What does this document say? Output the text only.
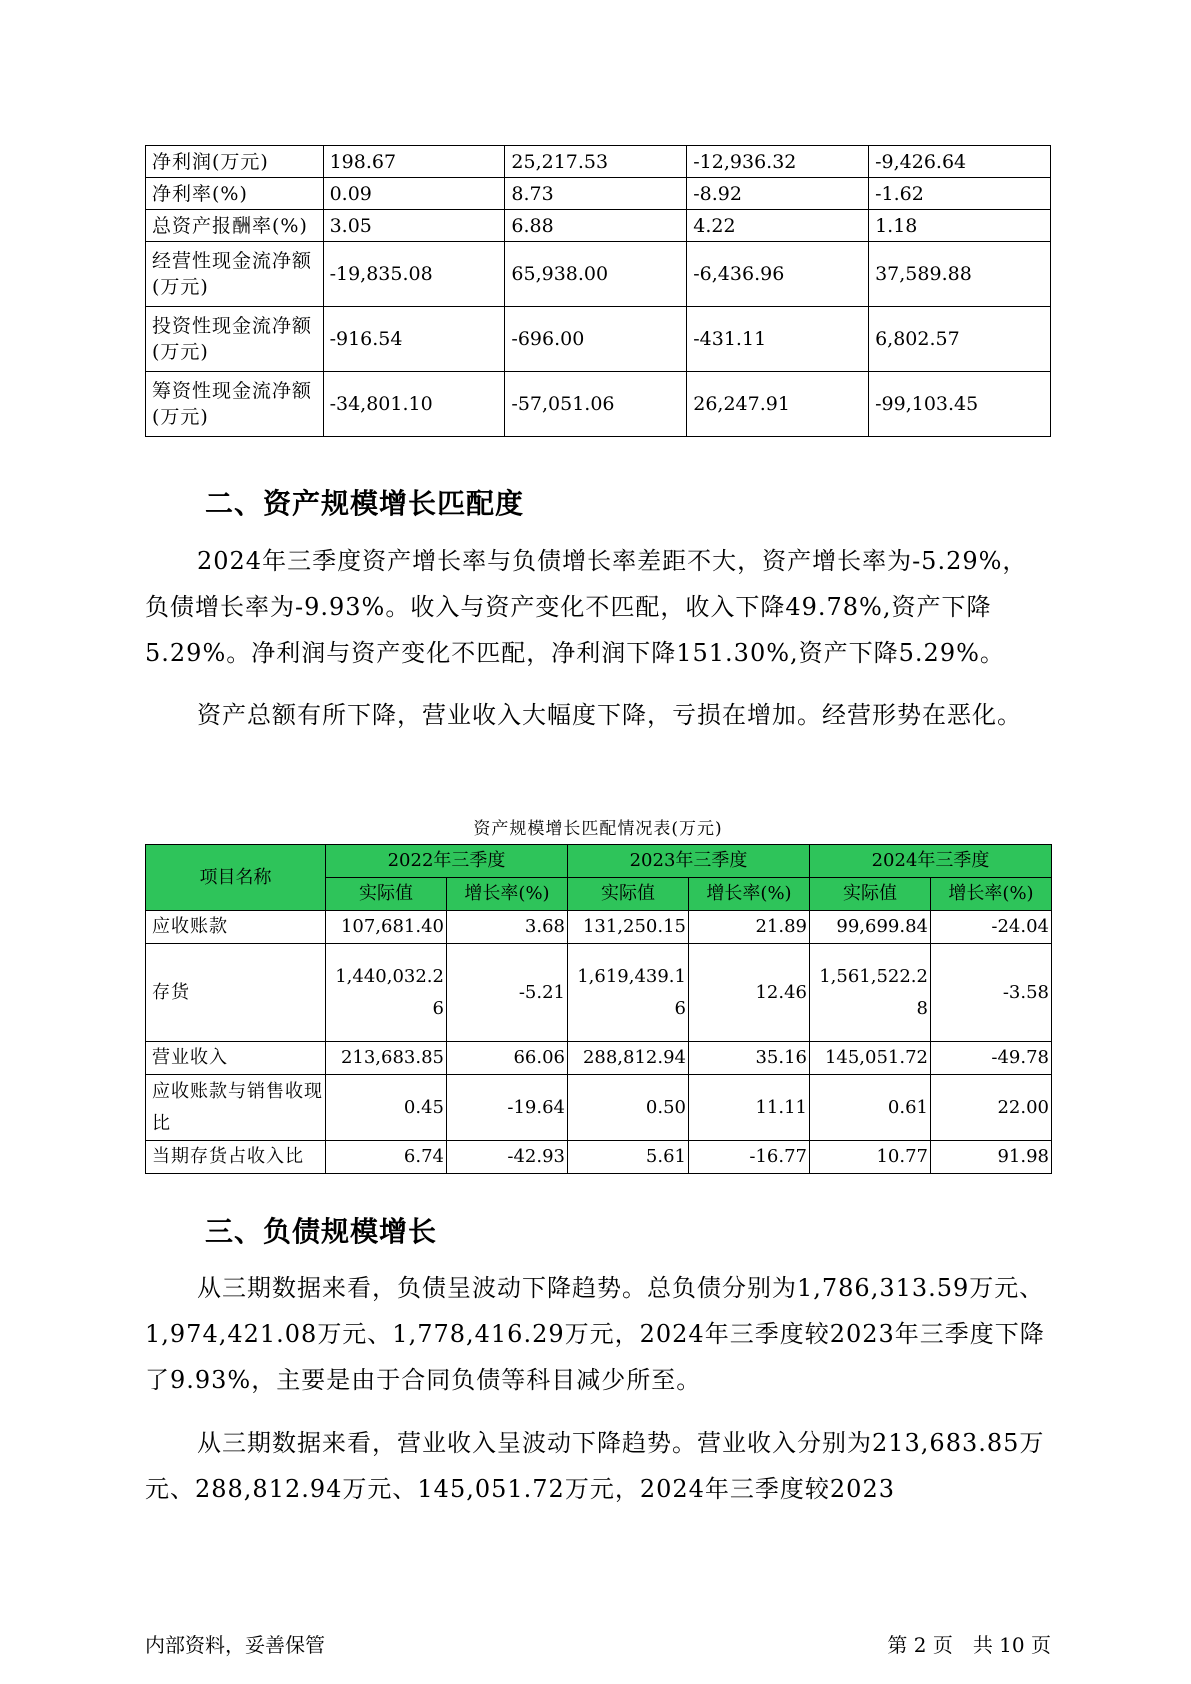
净利润(万元)	198.67	25,217.53	-12,936.32	-9,426.64
净利率(%)	0.09	8.73	-8.92	-1.62
总资产报酬率(%)	3.05	6.88	4.22	1.18
经营性现金流净额(万元)	-19,835.08	65,938.00	-6,436.96	37,589.88
投资性现金流净额(万元)	-916.54	-696.00	-431.11	6,802.57
筹资性现金流净额(万元)	-34,801.10	-57,051.06	26,247.91	-99,103.45
二、资产规模增长匹配度

2024年三季度资产增长率与负债增长率差距不大，资产增长率为-5.29%，负债增长率为-9.93%。收入与资产变化不匹配，收入下降49.78%,资产下降5.29%。净利润与资产变化不匹配，净利润下降151.30%,资产下降5.29%。

资产总额有所下降，营业收入大幅度下降，亏损在增加。经营形势在恶化。

资产规模增长匹配情况表(万元)
项目名称	2022年三季度		2023年三季度		2024年三季度	
	实际值	增长率(%)	实际值	增长率(%)	实际值	增长率(%)
应收账款	107,681.40	3.68	131,250.15	21.89	99,699.84	-24.04
存货	1,440,032.26	-5.21	1,619,439.16	12.46	1,561,522.28	-3.58
营业收入	213,683.85	66.06	288,812.94	35.16	145,051.72	-49.78
应收账款与销售收现比	0.45	-19.64	0.50	11.11	0.61	22.00
当期存货占收入比	6.74	-42.93	5.61	-16.77	10.77	91.98
三、负债规模增长

从三期数据来看，负债呈波动下降趋势。总负债分别为1,786,313.59万元、1,974,421.08万元、1,778,416.29万元，2024年三季度较2023年三季度下降了9.93%，主要是由于合同负债等科目减少所至。

从三期数据来看，营业收入呈波动下降趋势。营业收入分别为213,683.85万元、288,812.94万元、145,051.72万元，2024年三季度较2023

内部资料，妥善保管	第 2 页　共 10 页
